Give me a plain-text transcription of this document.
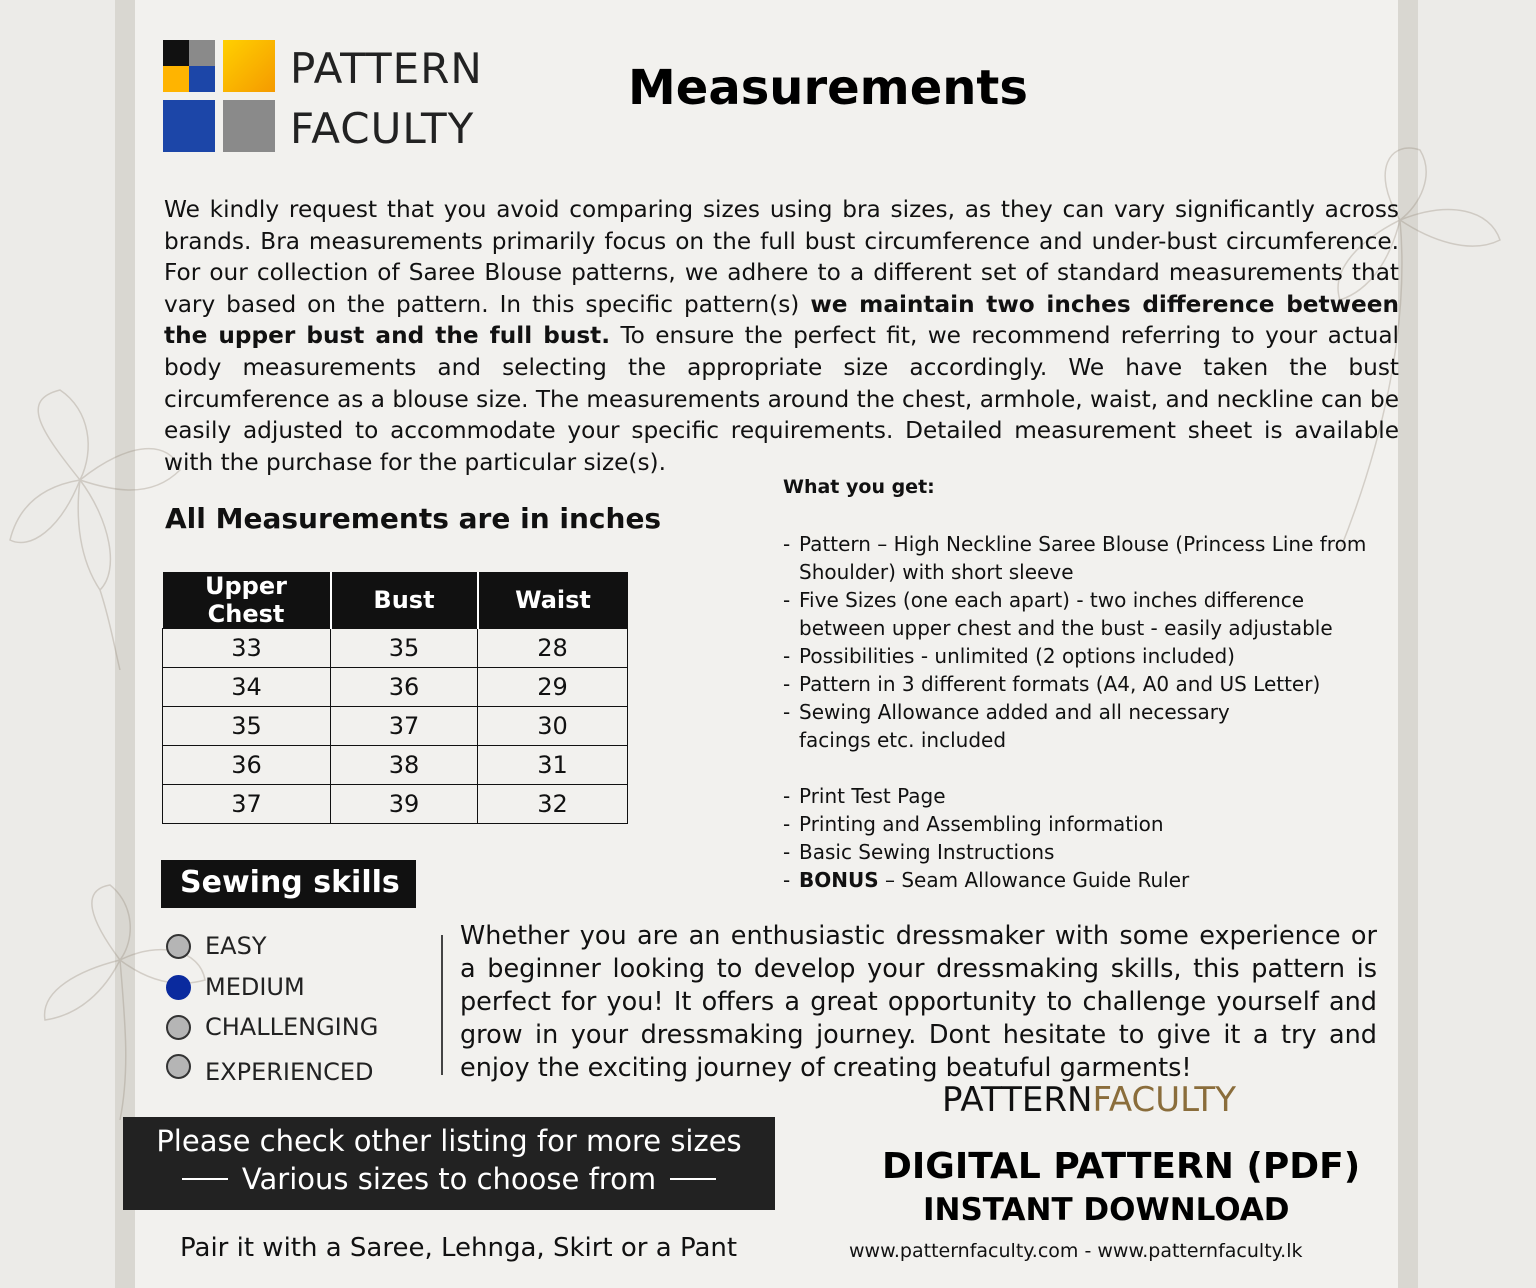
PATTERN
FACULTY
Measurements
We kindly request that you avoid comparing sizes using bra sizes, as they can vary significantly across brands. Bra measurements primarily focus on the full bust circumference and under-bust circumference. For our collection of Saree Blouse patterns, we adhere to a different set of standard measurements that vary based on the pattern. In this specific pattern(s) we maintain two inches difference between the upper bust and the full bust. To ensure the perfect fit, we recommend referring to your actual body measurements and selecting the appropriate size accordingly. We have taken the bust circumference as a blouse size. The measurements around the chest, armhole, waist, and neckline can be easily adjusted to accommodate your specific requirements. Detailed measurement sheet is available with the purchase for the particular size(s).
All Measurements are in inches
Upper Chest	Bust	Waist
33	35	28
34	36	29
35	37	30
36	38	31
37	39	32
What you get:
- Pattern – High Neckline Saree Blouse (Princess Line from Shoulder) with short sleeve
- Five Sizes (one each apart) - two inches difference between upper chest and the bust - easily adjustable
- Possibilities - unlimited (2 options included)
- Pattern in 3 different formats (A4, A0 and US Letter)
- Sewing Allowance added and all necessary facings etc. included
- Print Test Page
- Printing and Assembling information
- Basic Sewing Instructions
- BONUS – Seam Allowance Guide Ruler
Sewing skills
EASY
MEDIUM
CHALLENGING
EXPERIENCED
Whether you are an enthusiastic dressmaker with some experience or a beginner looking to develop your dressmaking skills, this pattern is perfect for you! It offers a great opportunity to challenge yourself and grow in your dressmaking journey. Dont hesitate to give it a try and enjoy the exciting journey of creating beatuful garments!
Please check other listing for more sizes
Various sizes to choose from
Pair it with a Saree, Lehnga, Skirt or a Pant
PATTERNFACULTY
DIGITAL PATTERN (PDF)
INSTANT DOWNLOAD
www.patternfaculty.com - www.patternfaculty.lk
